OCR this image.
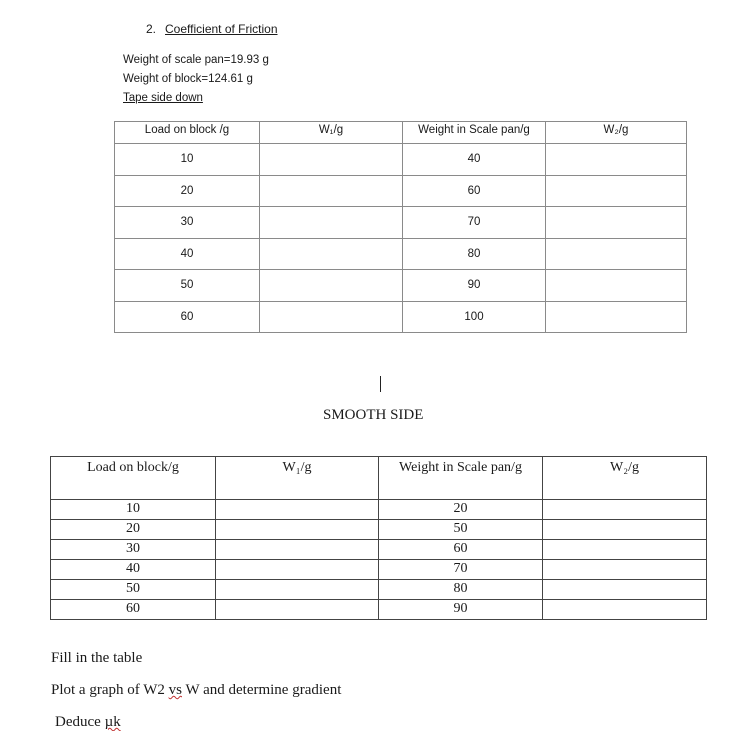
2. Coefficient of Friction
Weight of scale pan=19.93 g
Weight of block=124.61 g
Tape side down
Load on block /g	W₁/g	Weight in Scale pan/g	W₂/g
10		40	
20		60	
30		70	
40		80	
50		90	
60		100	
SMOOTH SIDE
Load on block/g	W₁/g	Weight in Scale pan/g	W₂/g
10		20	
20		50	
30		60	
40		70	
50		80	
60		90	
Fill in the table
Plot a graph of W2 vs W and determine gradient
Deduce µk
